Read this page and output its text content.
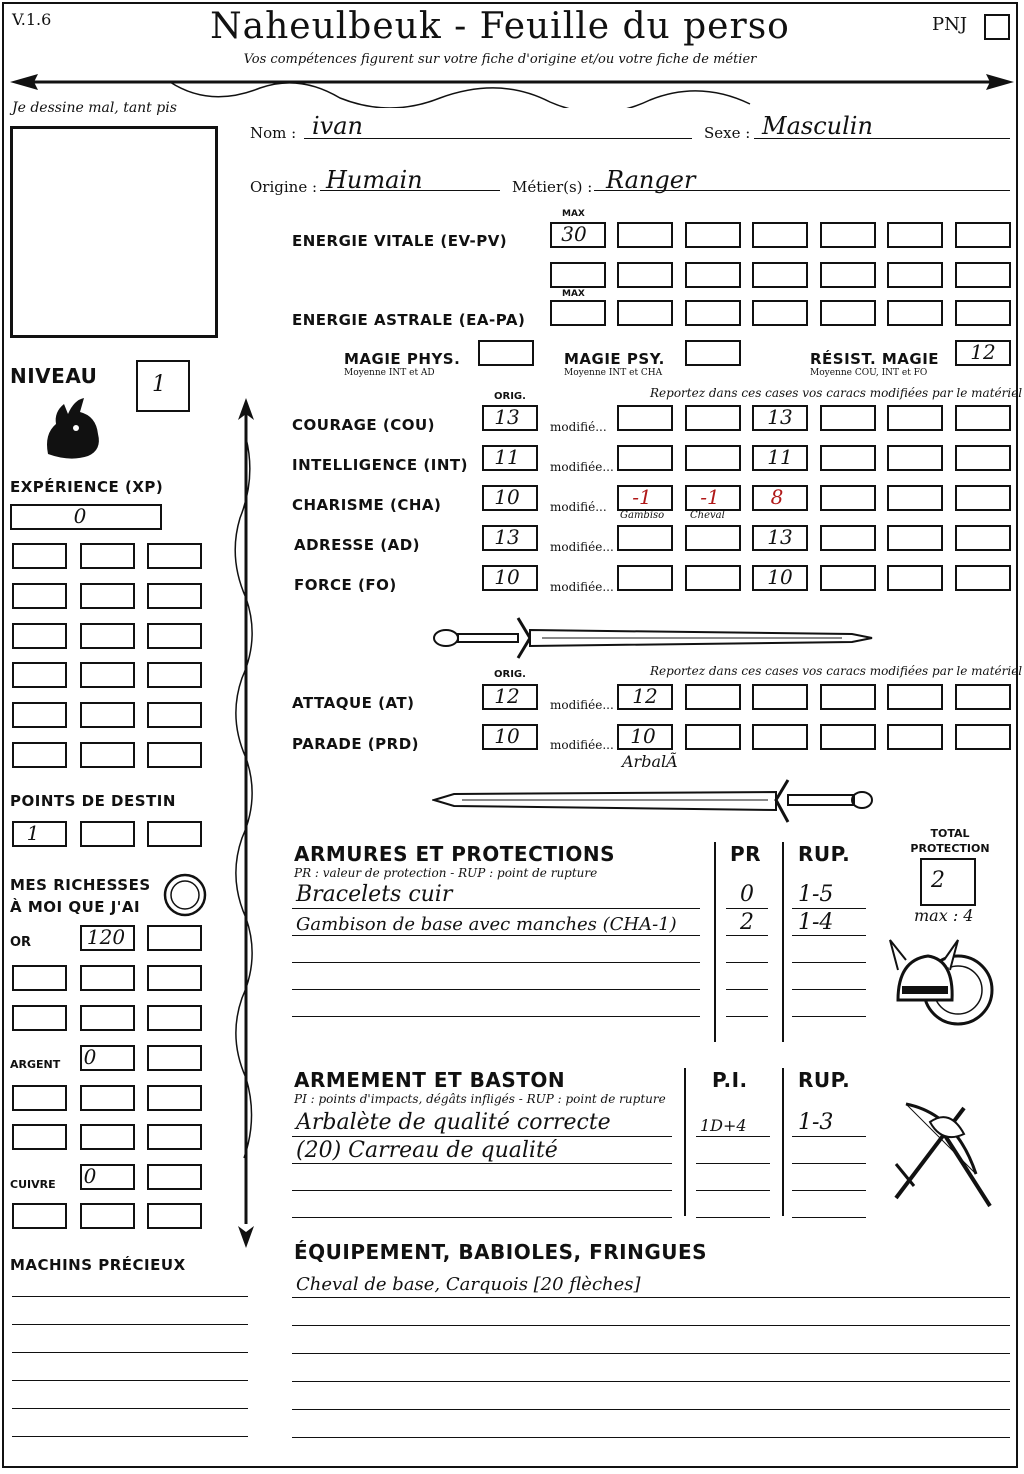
V.1.6	Naheulbeuk - Feuille du perso
Vos compétences figurent sur votre fiche d'origine et/ou votre fiche de métier
PNJ
Je dessine mal, tant pis
Nom : ivan	Sexe : Masculin
Origine : Humain	Métier(s) : Ranger
MAX
ENERGIE VITALE (EV-PV)	30
MAX
ENERGIE ASTRALE (EA-PA)
MAGIE PHYS.
Moyenne INT et AD
MAGIE PSY.
Moyenne INT et CHA
RÉSIST. MAGIE
Moyenne COU, INT et FO
12
NIVEAU	1
EXPÉRIENCE (XP)
0
POINTS DE DESTIN
1
MES RICHESSES
À MOI QUE J'AI
OR	120
ARGENT 0
CUIVRE 0
MACHINS PRÉCIEUX
ORIG.	Reportez dans ces cases vos caracs modifiées par le matériel
COURAGE (COU)	13	modifié...	13
INTELLIGENCE (INT)	11	modifiée...	11
CHARISME (CHA)	10	modifié...	-1	-1	8
Gambiso	Cheval
ADRESSE (AD)	13	modifiée...	13
FORCE (FO)	10	modifiée...	10
ORIG.	Reportez dans ces cases vos caracs modifiées par le matériel
ATTAQUE (AT)	12	modifiée... 12
PARADE (PRD)	10	modifiée... 10
ArbalÃ
ARMURES ET PROTECTIONS
PR : valeur de protection - RUP : point de rupture
PR RUP.
Bracelets cuir	0 1-5
Gambison de base avec manches (CHA-1)	2 1-4
TOTAL PROTECTION
2
max : 4
ARMEMENT ET BASTON
PI : points d'impacts, dégâts infligés - RUP : point de rupture
P.I.	RUP.
Arbalète de qualité correcte	1D+4 1-3
(20) Carreau de qualité
ÉQUIPEMENT, BABIOLES, FRINGUES
Cheval de base, Carquois [20 flèches]
